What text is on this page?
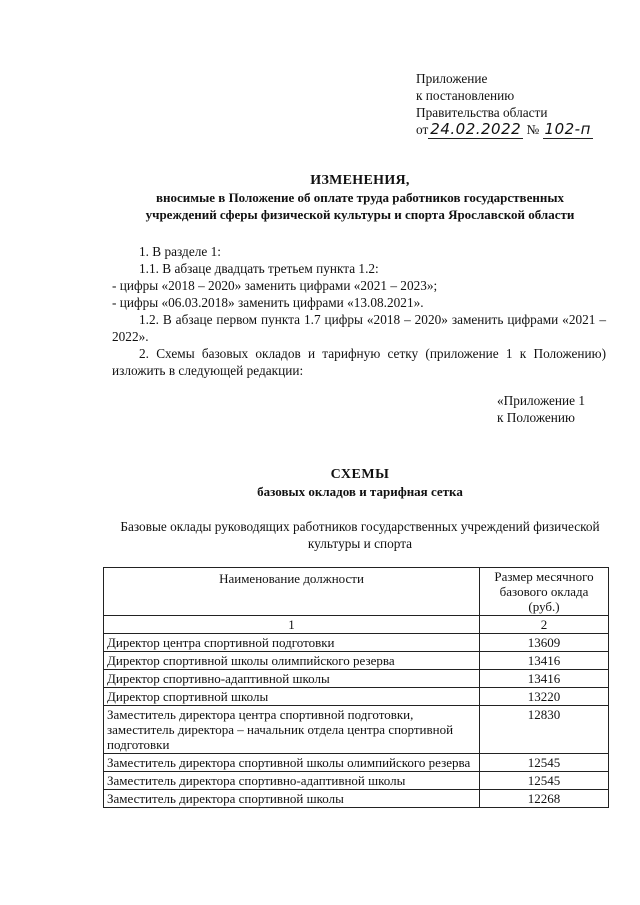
Приложение
к постановлению
Правительства области
от 24.02.2022 № 102-п
ИЗМЕНЕНИЯ,
вносимые в Положение об оплате труда работников государственных
учреждений сферы физической культуры и спорта Ярославской области

1. В разделе 1:

1.1. В абзаце двадцать третьем пункта 1.2:

- цифры «2018 – 2020» заменить цифрами «2021 – 2023»;

- цифры «06.03.2018» заменить цифрами «13.08.2021».

1.2. В абзаце первом пункта 1.7 цифры «2018 – 2020» заменить цифрами «2021 – 2022».

2. Схемы базовых окладов и тарифную сетку (приложение 1 к Положению) изложить в следующей редакции:

«Приложение 1
к Положению
СХЕМЫ
базовых окладов и тарифная сетка
Базовые оклады руководящих работников государственных учреждений физической культуры и спорта
Наименование должности	Размер месячного базового оклада (руб.)
1	2
Директор центра спортивной подготовки	13609
Директор спортивной школы олимпийского резерва	13416
Директор спортивно-адаптивной школы	13416
Директор спортивной школы	13220
Заместитель директора центра спортивной подготовки, заместитель директора – начальник отдела центра спортивной подготовки	12830
Заместитель директора спортивной школы олимпийского резерва	12545
Заместитель директора спортивно-адаптивной школы	12545
Заместитель директора спортивной школы	12268
